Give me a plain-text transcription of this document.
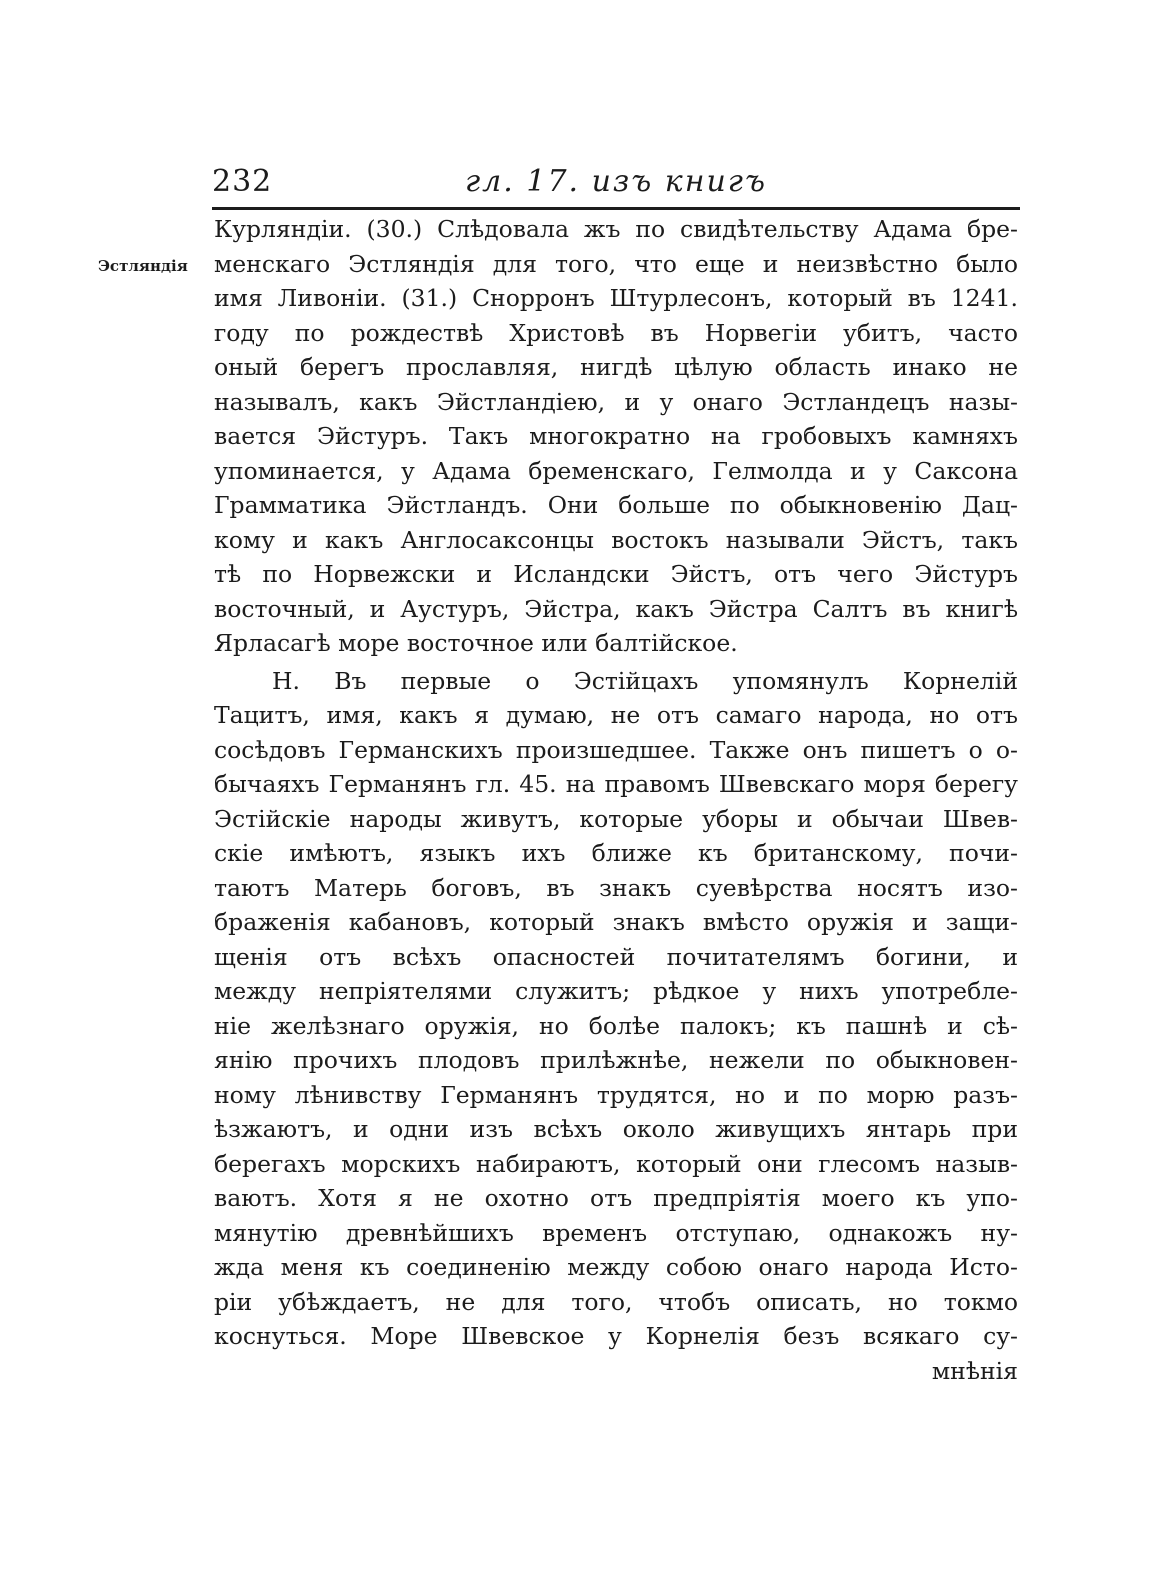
232	гл. 17. изъ книгъ
Эстляндія
Курляндіи. (30.) Слѣдовала жъ по свидѣтельству Адама бре-
менскаго Эстляндія для того, что еще и неизвѣстно было
имя Ливоніи. (31.) Снорронъ Штурлесонъ, который въ 1241.
году по рождествѣ Христовѣ въ Норвегіи убитъ, часто
оный берегъ прославляя, нигдѣ цѣлую область инако не
называлъ, какъ Эйстландіею, и у онаго Эстландецъ назы-
вается Эйстуръ. Такъ многократно на гробовыхъ камняхъ
упоминается, у Адама бременскаго, Гелмолда и у Саксона
Грамматика Эйстландъ. Они больше по обыкновенію Дац-
кому и какъ Англосаксонцы востокъ называли Эйстъ, такъ
тѣ по Норвежски и Исландски Эйстъ, отъ чего Эйстуръ
восточный, и Аустуръ, Эйстра, какъ Эйстра Салтъ въ книгѣ
Ярласагѣ море восточное или балтійское.
Н. Въ первые о Эстійцахъ упомянулъ Корнелій
Тацитъ, имя, какъ я думаю, не отъ самаго народа, но отъ
сосѣдовъ Германскихъ произшедшее. Также онъ пишетъ о о-
бычаяхъ Германянъ гл. 45. на правомъ Швевскаго моря берегу
Эстійскіе народы живутъ, которые уборы и обычаи Швев-
скіе имѣютъ, языкъ ихъ ближе къ британскому, почи-
таютъ Матерь боговъ, въ знакъ суевѣрства носятъ изо-
браженія кабановъ, который знакъ вмѣсто оружія и защи-
щенія отъ всѣхъ опасностей почитателямъ богини, и
между непріятелями служитъ; рѣдкое у нихъ употребле-
ніе желѣзнаго оружія, но болѣе палокъ; къ пашнѣ и сѣ-
янію прочихъ плодовъ прилѣжнѣе, нежели по обыкновен-
ному лѣнивству Германянъ трудятся, но и по морю разъ-
ѣзжаютъ, и одни изъ всѣхъ около живущихъ янтарь при
берегахъ морскихъ набираютъ, который они глесомъ назыв-
ваютъ. Хотя я не охотно отъ предпріятія моего къ упо-
мянутію древнѣйшихъ временъ отступаю, однакожъ ну-
жда меня къ соединенію между собою онаго народа Исто-
ріи убѣждаетъ, не для того, чтобъ описать, но токмо
коснуться. Море Швевское у Корнелія безъ всякаго су-
мнѣнія
